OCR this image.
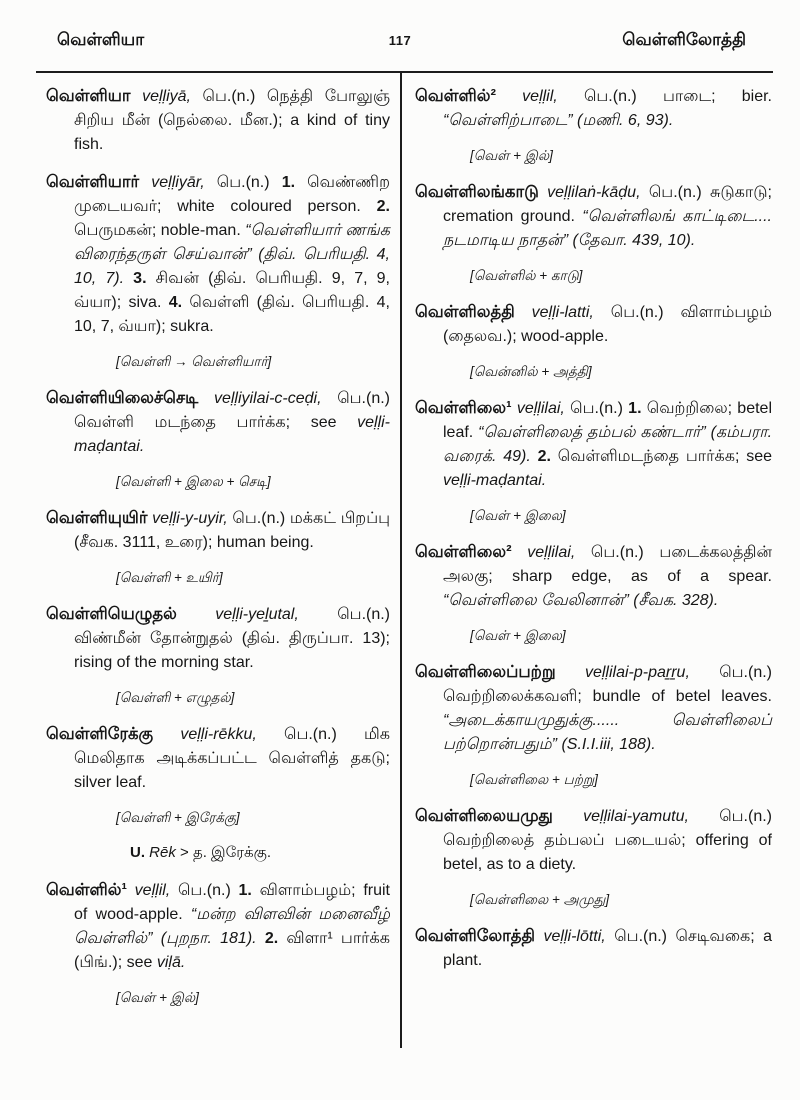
வெள்ளியா	117	வெள்ளிலோத்தி
வெள்ளியா veḷḷiyā, பெ.(n.) நெத்தி போலுஞ் சிறிய மீன் (நெல்லை. மீன.); a kind of tiny fish.
வெள்ளியார் veḷḷiyār, பெ.(n.) 1. வெண்ணிற முடையவர்; white coloured person. 2. பெருமகன்; noble-man. “வெள்ளியார் ணங்க விரைந்தருள் செய்வான்” (திவ். பெரியதி. 4, 10, 7). 3. சிவன் (திவ். பெரியதி. 9, 7, 9, வ்யா); siva. 4. வெள்ளி (திவ். பெரியதி. 4, 10, 7, வ்யா); sukra.
[வெள்ளி → வெள்ளியார்]
வெள்ளியிலைச்செடி veḷḷiyilai-c-ceḍi, பெ.(n.) வெள்ளி மடந்தை பார்க்க; see veḷḷi-maḍantai.
[வெள்ளி + இலை + செடி]
வெள்ளியுயிர் veḷḷi-y-uyir, பெ.(n.) மக்கட் பிறப்பு (சீவக. 3111, உரை); human being.
[வெள்ளி + உயிர்]
வெள்ளியெழுதல் veḷḷi-yeḻutal, பெ.(n.) விண்மீன் தோன்றுதல் (திவ். திருப்பா. 13); rising of the morning star.
[வெள்ளி + எழுதல்]
வெள்ளிரேக்கு veḷḷi-rēkku, பெ.(n.) மிக மெலிதாக அடிக்கப்பட்ட வெள்ளித் தகடு; silver leaf.
[வெள்ளி + இரேக்கு]
U. Rēk > த. இரேக்கு.
வெள்ளில்¹ veḷḷil, பெ.(n.) 1. விளாம்பழம்; fruit of wood-apple. “மன்ற விளவின் மனைவீழ் வெள்ளில்” (புறநா. 181). 2. விளா¹ பார்க்க (பிங்.); see viḷā.
[வெள் + இல்]
வெள்ளில்² veḷḷil, பெ.(n.) பாடை; bier. “வெள்ளிற்பாடை” (மணி. 6, 93).
[வெள் + இல்]
வெள்ளிலங்காடு veḷḷilaṅ-kāḍu, பெ.(n.) சுடுகாடு; cremation ground. “வெள்ளிலங் காட்டிடை.... நடமாடிய நாதன்” (தேவா. 439, 10).
[வெள்ளில் + காடு]
வெள்ளிலத்தி veḷḷi-latti, பெ.(n.) விளாம்பழம் (தைலவ.); wood-apple.
[வென்னில் + அத்தி]
வெள்ளிலை¹ veḷḷilai, பெ.(n.) 1. வெற்றிலை; betel leaf. “வெள்ளிலைத் தம்பல் கண்டார்” (கம்பரா. வரைக். 49). 2. வெள்ளிமடந்தை பார்க்க; see veḷḷi-maḍantai.
[வெள் + இலை]
வெள்ளிலை² veḷḷilai, பெ.(n.) படைக்கலத்தின் அலகு; sharp edge, as of a spear. “வெள்ளிலை வேலினான்” (சீவக. 328).
[வெள் + இலை]
வெள்ளிலைப்பற்று veḷḷilai-p-paṟṟu, பெ.(n.) வெற்றிலைக்கவளி; bundle of betel leaves. “அடைக்காயமுதுக்கு...... வெள்ளிலைப் பற்றொன்பதும்” (S.I.I.iii, 188).
[வெள்ளிலை + பற்று]
வெள்ளிலையமுது veḷḷilai-yamutu, பெ.(n.) வெற்றிலைத் தம்பலப் படையல்; offering of betel, as to a diety.
[வெள்ளிலை + அமுது]
வெள்ளிலோத்தி veḷḷi-lōtti, பெ.(n.) செடிவகை; a plant.
